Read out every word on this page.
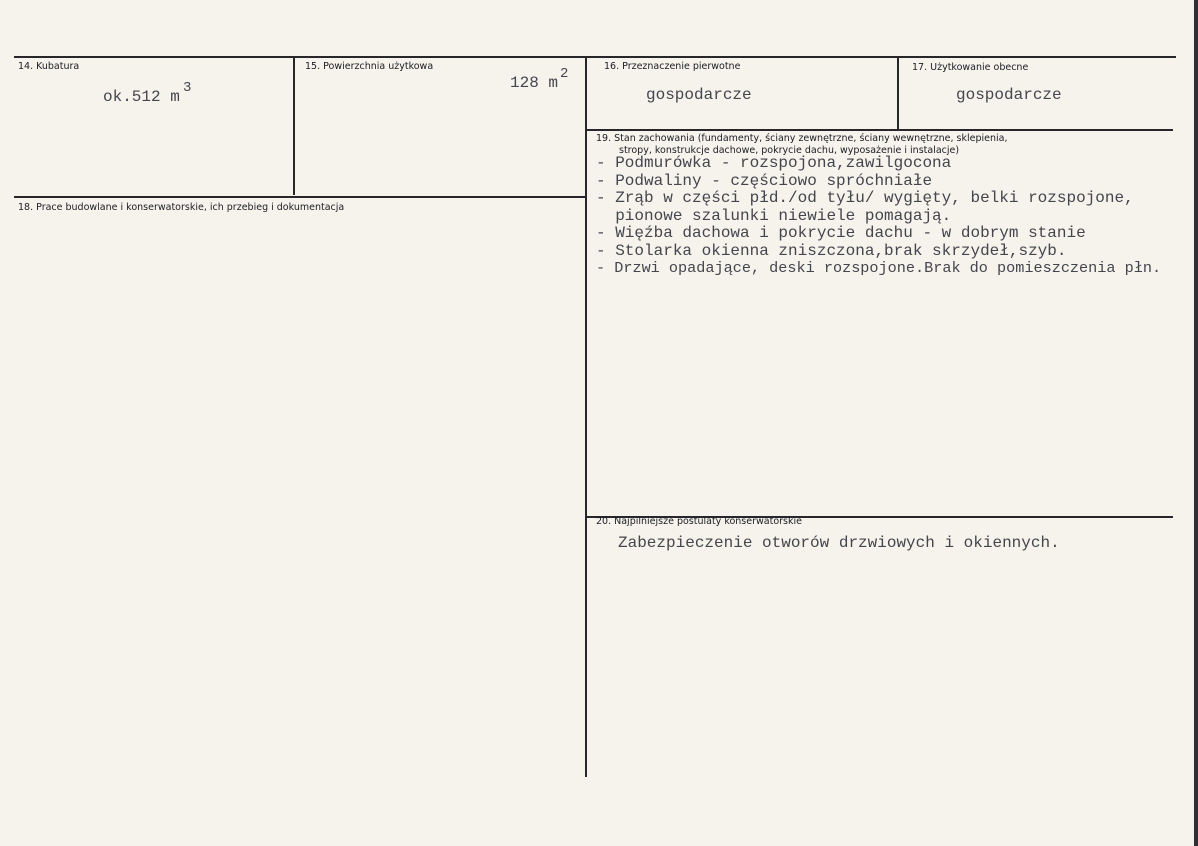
14. Kubatura
ok.512 m 3
15. Powierzchnia użytkowa
128 m 2	16. Przeznaczenie pierwotne
gospodarcze
17. Użytkowanie obecne
gospodarcze
18. Prace budowlane i konserwatorskie, ich przebieg i dokumentacja
19. Stan zachowania (fundamenty, ściany zewnętrzne, ściany wewnętrzne, sklepienia,
stropy, konstrukcje dachowe, pokrycie dachu, wyposażenie i instalacje)
- Podmurówka - rozspojona,zawilgocona
- Podwaliny - częściowo spróchniałe
- Zrąb w części płd./od tyłu/ wygięty, belki rozspojone,
pionowe szalunki niewiele pomagają.
- Więźba dachowa i pokrycie dachu - w dobrym stanie
- Stolarka okienna zniszczona,brak skrzydeł,szyb.
- Drzwi opadające, deski rozspojone.Brak do pomieszczenia płn.
20. Najpilniejsze postulaty konserwatorskie
Zabezpieczenie otworów drzwiowych i okiennych.
